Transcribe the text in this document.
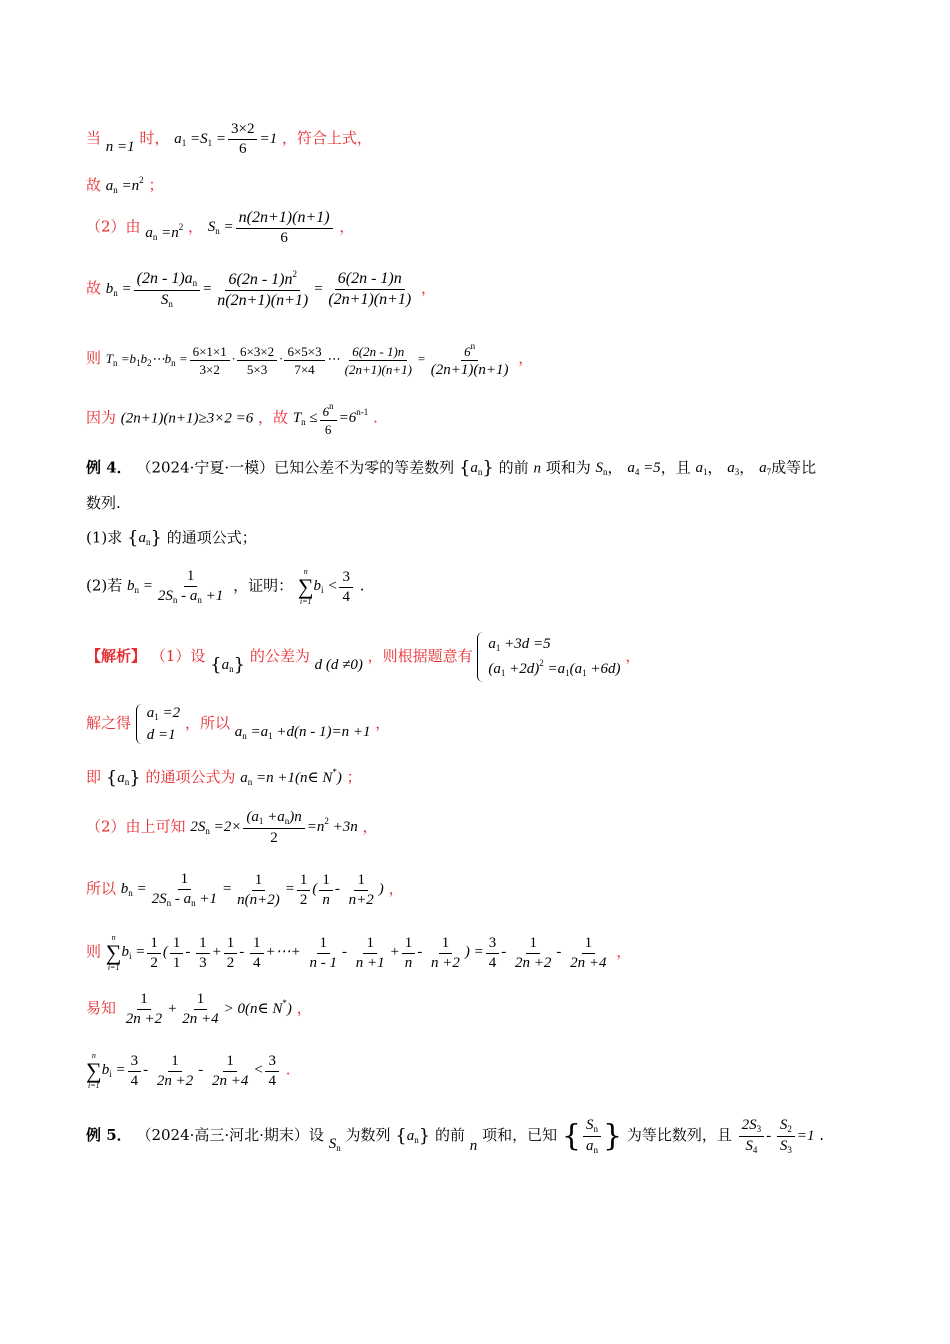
当 n =1 时， $a_1 =S_1 = \frac{3\times 2}{6} =1$ ，符合上式，
故 $a_n =n^2$ ；
（2）由 $a_n =n^2$ ， $S_n = \frac{n(2n+1)(n+1)}{6}$ ，
故 $b_n = \frac{(2n - 1)a_n}{S_n} = \frac{6(2n - 1)n^2}{n(2n+1)(n+1)} = \frac{6(2n - 1)n}{(2n+1)(n+1)}$ ，
则 $T_n$ $=b_1b_2\cdots b_n = \frac{6\times 1\times 1}{3\times 2} \cdot \frac{6\times 3\times 2}{5\times 3} \cdot \frac{6\times 5\times 3}{7\times 4}$ ⋯ $\frac{6(2n - 1)n}{(2n+1)(n+1)} = \frac{6^n}{(2n+1)(n+1)}$ ，
因为 (2n+1)(n+1)≥3×2 =6 ，故 $T_n \le \frac{6^n}{6} =6^{n-1}$ .
例 4． （2024·宁夏·一模）已知公差不为零的等差数列 $\{a_n\}$ 的前 n 项和为 $S_n$， $a_4 =5$，且 $a_1$， $a_3$， $a_7$成等比
数列.
(1)求 $\{a_n\}$ 的通项公式；
(2)若 $b_n = \frac{1}{2S_n - a_n +1}$ ，证明：
n
∑
i=1
$b_i < \frac{3}{4}$ .
【解析】 （1）设 $\{a_n\}$ 的公差为 d (d ≠0) ，则根据题意有
$a_1 +3d =5$
$(a_1 +2d)^2 =a_1(a_1 +6d)$
，
解之得
$a_1 =2$
d =1
，所以 $a_n =a_1 +d(n - 1)=n +1$ ，
即 $\{a_n\}$ 的通项公式为 $a_n =n$ +1(n∈ N*) ；
（2）由上可知 $2S_n =2\times \frac{(a_1 +a_n)n}{2} =n^2 +3n$ ，
所以 $b_n = \frac{1}{2S_n - a_n +1} = \frac{1}{n(n+2)} = \frac{1}{2}$ ( $\frac{1}{n} - \frac{1}{n+2}$ ) ，
则
n
∑
i=1
$b_i = \frac{1}{2}$ ( $\frac{1}{1} - \frac{1}{3} + \frac{1}{2} - \frac{1}{4}$ +⋯+ $\frac{1}{n - 1} - \frac{1}{n +1} + \frac{1}{n} - \frac{1}{n +2}$ ) = $\frac{3}{4} - \frac{1}{2n +2} - \frac{1}{2n +4}$ ，
易知 $\frac{1}{2n +2} + \frac{1}{2n +4}$ > 0(n∈ N*) ，
n
∑
i=1
$b_i = \frac{3}{4} - \frac{1}{2n +2} - \frac{1}{2n +4} < \frac{3}{4}$ .
例 5． （2024·高三·河北·期末）设 $S_n$ 为数列 $\{a_n\}$ 的前 n 项和，已知 { $\frac{S_n}{a_n}$ } 为等比数列，且 $\frac{2S_3}{S_4} - \frac{S_2}{S_3} =1$ .
